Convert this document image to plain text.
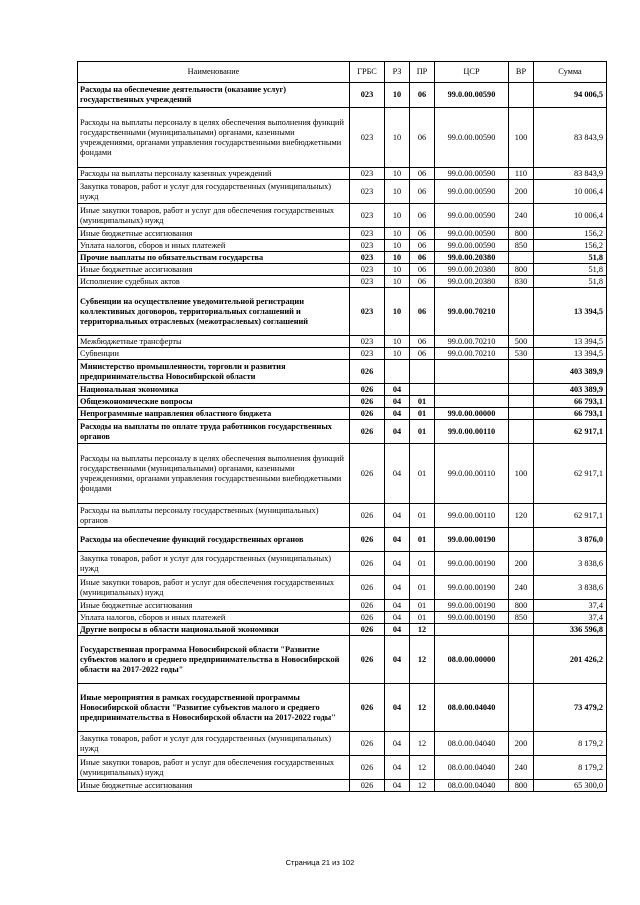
Наименование	ГРБС	РЗ	ПР	ЦСР	ВР	Сумма
Расходы на обеспечение деятельности (оказание услуг) государственных учреждений	023	10	06	99.0.00.00590		94 006,5
Расходы на выплаты персоналу в целях обеспечения выполнения функций государственными (муниципальными) органами, казенными учреждениями, органами управления государственными внебюджетными фондами	023	10	06	99.0.00.00590	100	83 843,9
Расходы на выплаты персоналу казенных учреждений	023	10	06	99.0.00.00590	110	83 843,9
Закупка товаров, работ и услуг для государственных (муниципальных) нужд	023	10	06	99.0.00.00590	200	10 006,4
Иные закупки товаров, работ и услуг для обеспечения государственных (муниципальных) нужд	023	10	06	99.0.00.00590	240	10 006,4
Иные бюджетные ассигнования	023	10	06	99.0.00.00590	800	156,2
Уплата налогов, сборов и иных платежей	023	10	06	99.0.00.00590	850	156,2
Прочие выплаты по обязательствам государства	023	10	06	99.0.00.20380		51,8
Иные бюджетные ассигнования	023	10	06	99.0.00.20380	800	51,8
Исполнение судебных актов	023	10	06	99.0.00.20380	830	51,8
Субвенции на осуществление уведомительной регистрации коллективных договоров, территориальных соглашений и территориальных отраслевых (межотраслевых) соглашений	023	10	06	99.0.00.70210		13 394,5
Межбюджетные трансферты	023	10	06	99.0.00.70210	500	13 394,5
Субвенции	023	10	06	99.0.00.70210	530	13 394,5
Министерство промышленности, торговли и развития предпринимательства Новосибирской области	026					403 389,9
Национальная экономика	026	04				403 389,9
Общеэкономические вопросы	026	04	01			66 793,1
Непрограммные направления областного бюджета	026	04	01	99.0.00.00000		66 793,1
Расходы на выплаты по оплате труда работников государственных органов	026	04	01	99.0.00.00110		62 917,1
Расходы на выплаты персоналу в целях обеспечения выполнения функций государственными (муниципальными) органами, казенными учреждениями, органами управления государственными внебюджетными фондами	026	04	01	99.0.00.00110	100	62 917,1
Расходы на выплаты персоналу государственных (муниципальных) органов	026	04	01	99.0.00.00110	120	62 917,1
Расходы на обеспечение функций государственных органов	026	04	01	99.0.00.00190		3 876,0
Закупка товаров, работ и услуг для государственных (муниципальных) нужд	026	04	01	99.0.00.00190	200	3 838,6
Иные закупки товаров, работ и услуг для обеспечения государственных (муниципальных) нужд	026	04	01	99.0.00.00190	240	3 838,6
Иные бюджетные ассигнования	026	04	01	99.0.00.00190	800	37,4
Уплата налогов, сборов и иных платежей	026	04	01	99.0.00.00190	850	37,4
Другие вопросы в области национальной экономики	026	04	12			336 596,8
Государственная программа Новосибирской области "Развитие субъектов малого и среднего предпринимательства в Новосибирской области на 2017-2022 годы"	026	04	12	08.0.00.00000		201 426,2
Иные мероприятия в рамках государственной программы Новосибирской области "Развитие субъектов малого и среднего предпринимательства в Новосибирской области на 2017-2022 годы"	026	04	12	08.0.00.04040		73 479,2
Закупка товаров, работ и услуг для государственных (муниципальных) нужд	026	04	12	08.0.00.04040	200	8 179,2
Иные закупки товаров, работ и услуг для обеспечения государственных (муниципальных) нужд	026	04	12	08.0.00.04040	240	8 179,2
Иные бюджетные ассигнования	026	04	12	08.0.00.04040	800	65 300,0
Страница 21 из 102
